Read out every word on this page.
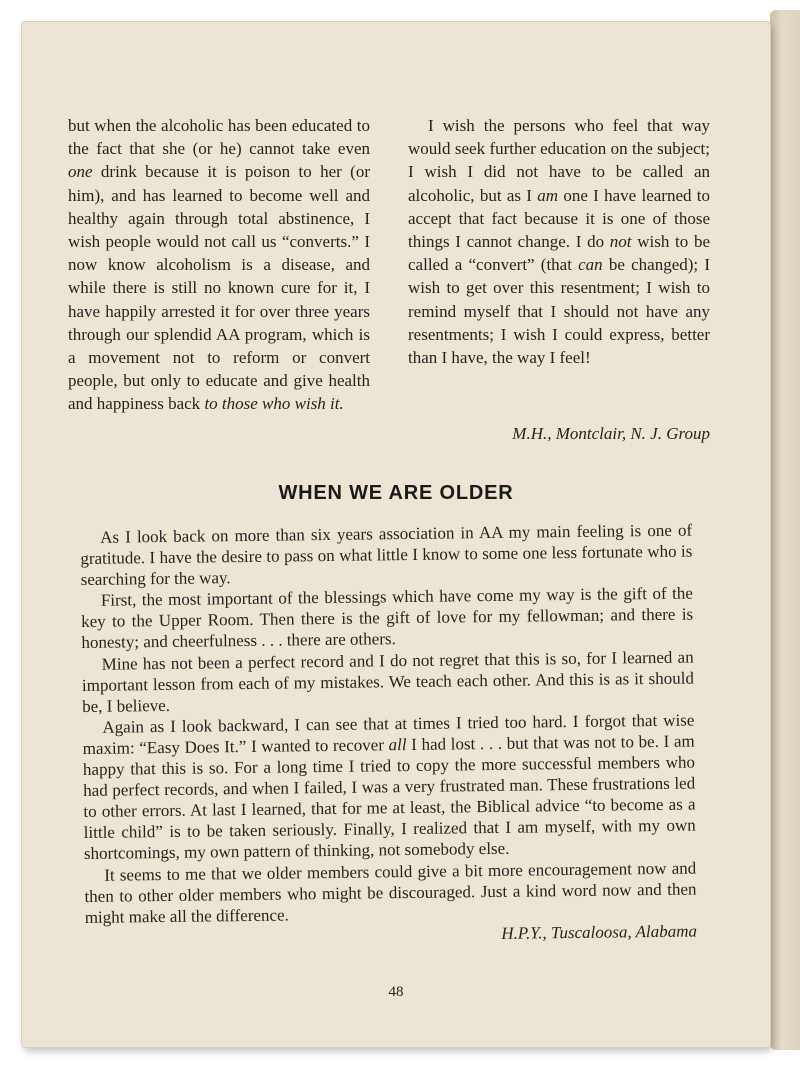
but when the alcoholic has been educated to the fact that she (or he) cannot take even one drink because it is poison to her (or him), and has learned to become well and healthy again through total abstinence, I wish people would not call us “converts.” I now know alcoholism is a disease, and while there is still no known cure for it, I have happily arrested it for over three years through our splendid AA program, which is a movement not to reform or convert people, but only to educate and give health and happiness back to those who wish it.

I wish the persons who feel that way would seek further education on the subject; I wish I did not have to be called an alcoholic, but as I am one I have learned to accept that fact because it is one of those things I cannot change. I do not wish to be called a “convert” (that can be changed); I wish to get over this resentment; I wish to remind myself that I should not have any resentments; I wish I could express, better than I have, the way I feel!

M.H., Montclair, N. J. Group
WHEN WE ARE OLDER

As I look back on more than six years association in AA my main feeling is one of gratitude. I have the desire to pass on what little I know to some one less fortunate who is searching for the way.

First, the most important of the blessings which have come my way is the gift of the key to the Upper Room. Then there is the gift of love for my fellowman; and there is honesty; and cheerfulness . . . there are others.

Mine has not been a perfect record and I do not regret that this is so, for I learned an important lesson from each of my mistakes. We teach each other. And this is as it should be, I believe.

Again as I look backward, I can see that at times I tried too hard. I forgot that wise maxim: “Easy Does It.” I wanted to recover all I had lost . . . but that was not to be. I am happy that this is so. For a long time I tried to copy the more successful members who had perfect records, and when I failed, I was a very frustrated man. These frustrations led to other errors. At last I learned, that for me at least, the Biblical advice “to become as a little child” is to be taken seriously. Finally, I realized that I am myself, with my own shortcomings, my own pattern of thinking, not somebody else.

It seems to me that we older members could give a bit more encouragement now and then to other older members who might be discouraged. Just a kind word now and then might make all the difference.

H.P.Y., Tuscaloosa, Alabama
48
